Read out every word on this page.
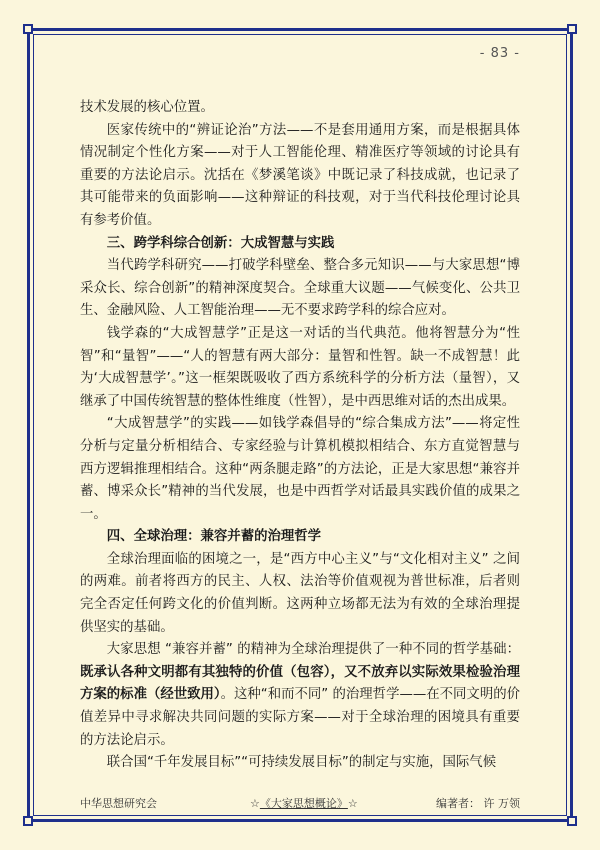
- 83 -

技术发展的核心位置。

医家传统中的“辨证论治”方法——不是套用通用方案，而是根据具体情况制定个性化方案——对于人工智能伦理、精准医疗等领域的讨论具有重要的方法论启示。沈括在《梦溪笔谈》中既记录了科技成就，也记录了其可能带来的负面影响——这种辩证的科技观，对于当代科技伦理讨论具有参考价值。

三、跨学科综合创新：大成智慧与实践

当代跨学科研究——打破学科壁垒、整合多元知识——与大家思想“博采众长、综合创新”的精神深度契合。全球重大议题——气候变化、公共卫生、金融风险、人工智能治理——无不要求跨学科的综合应对。

钱学森的“大成智慧学”正是这一对话的当代典范。他将智慧分为“性智”和“量智”——“人的智慧有两大部分：量智和性智。缺一不成智慧！此为‘大成智慧学’。”这一框架既吸收了西方系统科学的分析方法（量智），又继承了中国传统智慧的整体性维度（性智），是中西思维对话的杰出成果。

“大成智慧学”的实践——如钱学森倡导的“综合集成方法”——将定性分析与定量分析相结合、专家经验与计算机模拟相结合、东方直觉智慧与西方逻辑推理相结合。这种“两条腿走路”的方法论，正是大家思想“兼容并蓄、博采众长”精神的当代发展，也是中西哲学对话最具实践价值的成果之一。

四、全球治理：兼容并蓄的治理哲学

全球治理面临的困境之一，是“西方中心主义”与“文化相对主义” 之间的两难。前者将西方的民主、人权、法治等价值观视为普世标准，后者则完全否定任何跨文化的价值判断。这两种立场都无法为有效的全球治理提供坚实的基础。

大家思想 “兼容并蓄” 的精神为全球治理提供了一种不同的哲学基础：既承认各种文明都有其独特的价值（包容），又不放弃以实际效果检验治理方案的标准（经世致用）。这种“和而不同” 的治理哲学——在不同文明的价值差异中寻求解决共同问题的实际方案——对于全球治理的困境具有重要的方法论启示。

联合国“千年发展目标”“可持续发展目标”的制定与实施，国际气候

中华思想研究会	☆《大家思想概论》☆	编著者： 许 万领
